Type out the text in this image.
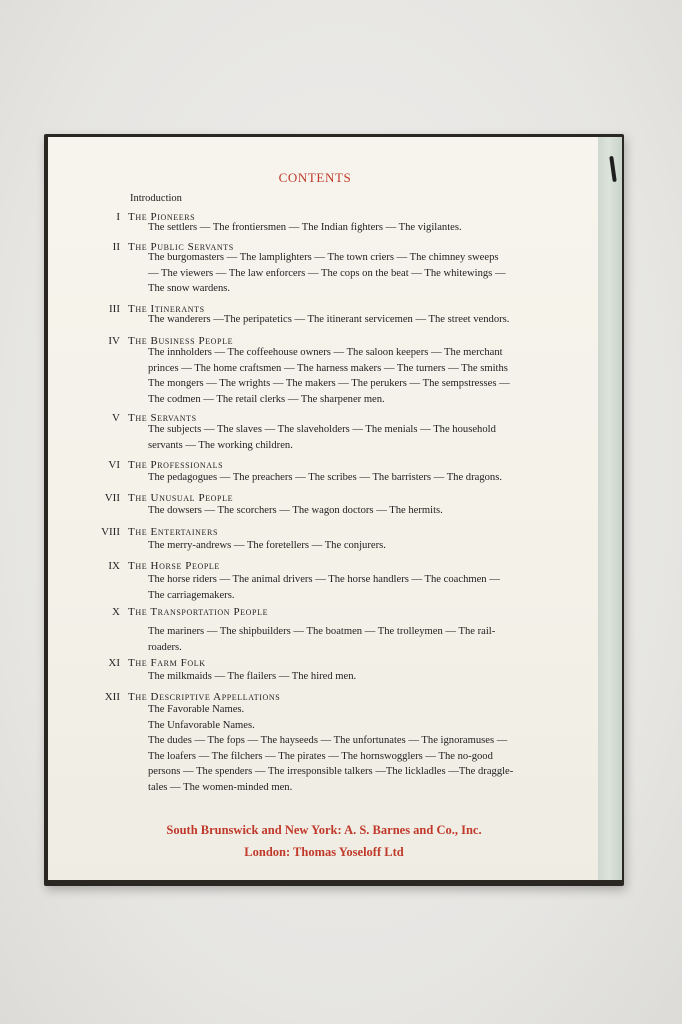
CONTENTS
Introduction
I The Pioneers
The settlers — The frontiersmen — The Indian fighters — The vigilantes.
II The Public Servants
The burgomasters — The lamplighters — The town criers — The chimney sweeps
— The viewers — The law enforcers — The cops on the beat — The whitewings —
The snow wardens.
III The Itinerants
The wanderers —The peripatetics — The itinerant servicemen — The street vendors.
IV The Business People
The innholders — The coffeehouse owners — The saloon keepers — The merchant
princes — The home craftsmen — The harness makers — The turners — The smiths
The mongers — The wrights — The makers — The perukers — The sempstresses —
The codmen — The retail clerks — The sharpener men.
V The Servants
The subjects — The slaves — The slaveholders — The menials — The household
servants — The working children.
VI The Professionals
The pedagogues — The preachers — The scribes — The barristers — The dragons.
VII The Unusual People
The dowsers — The scorchers — The wagon doctors — The hermits.
VIII The Entertainers
The merry-andrews — The foretellers — The conjurers.
IX The Horse People
The horse riders — The animal drivers — The horse handlers — The coachmen —
The carriagemakers.
X The Transportation People
The mariners — The shipbuilders — The boatmen — The trolleymen — The rail-
roaders.
XI The Farm Folk
The milkmaids — The flailers — The hired men.
XII The Descriptive Appellations
The Favorable Names.
The Unfavorable Names.
The dudes — The fops — The hayseeds — The unfortunates — The ignoramuses —
The loafers — The filchers — The pirates — The hornswogglers — The no-good
persons — The spenders — The irresponsible talkers —The lickladles —The draggle-
tales — The women-minded men.
South Brunswick and New York: A. S. Barnes and Co., Inc.
London: Thomas Yoseloff Ltd
